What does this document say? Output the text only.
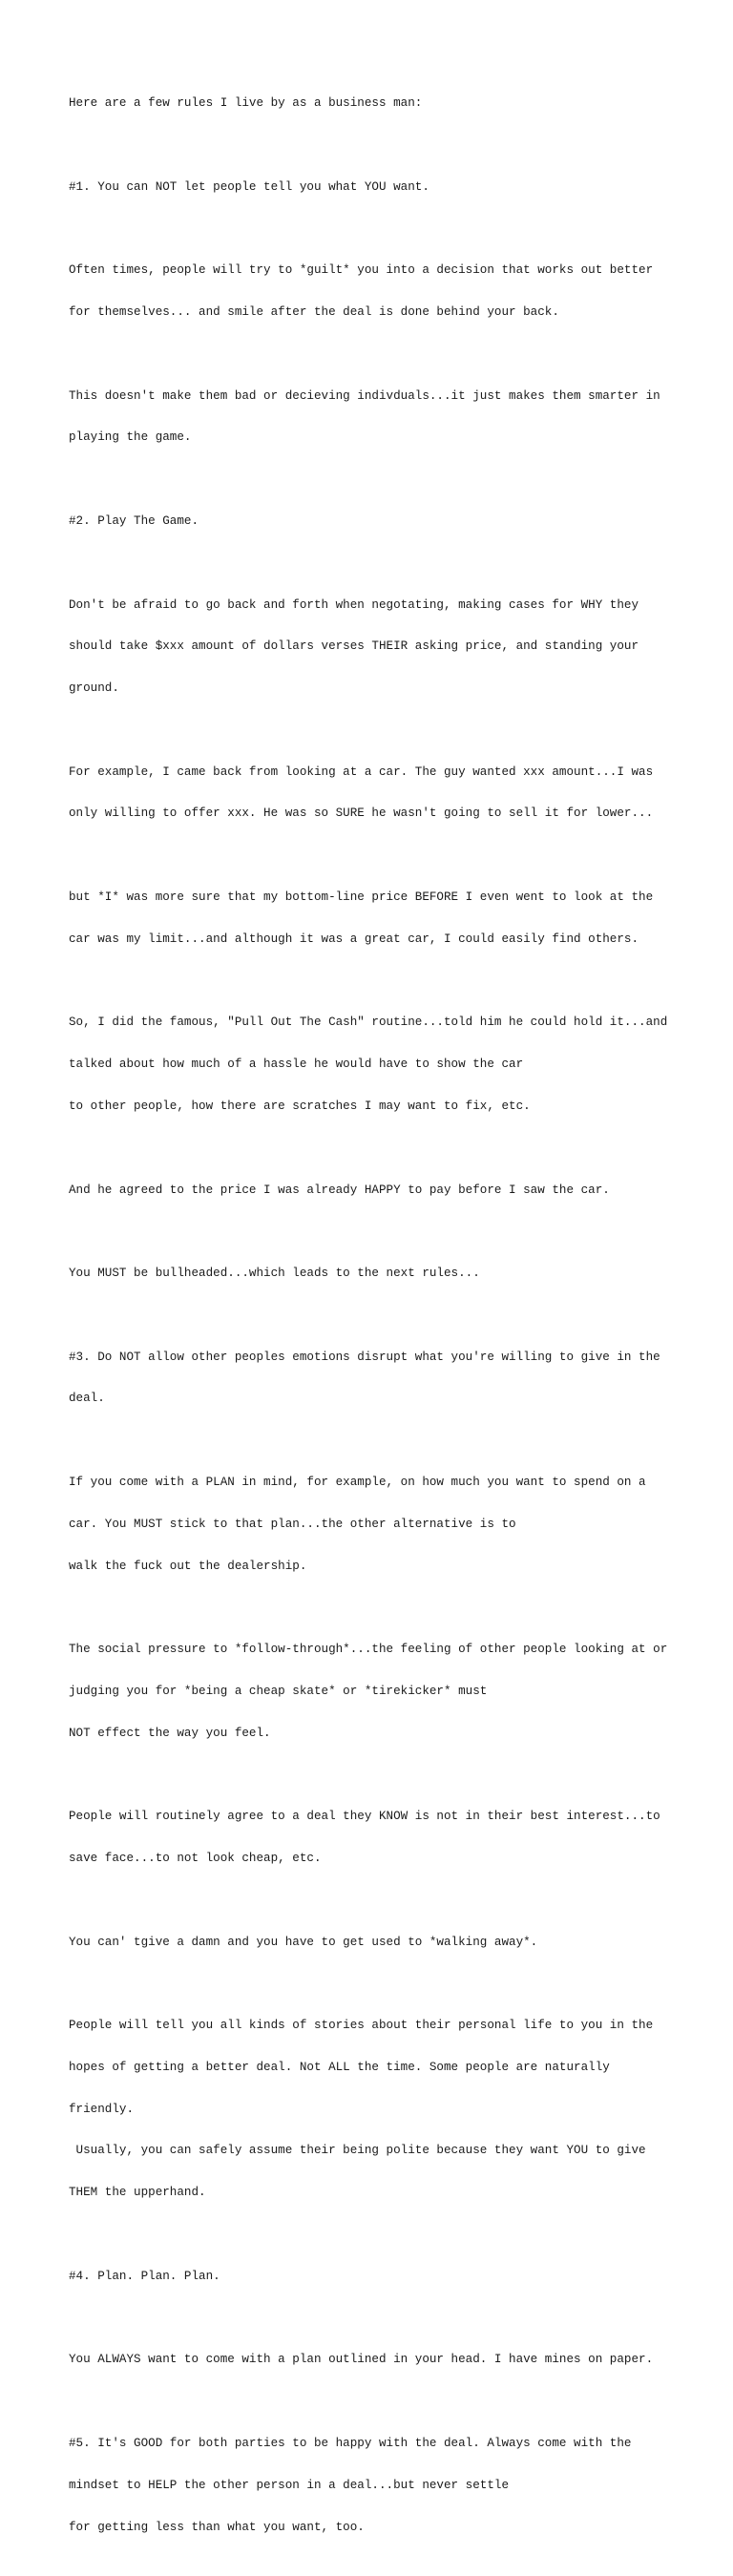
Here are a few rules I live by as a business man:

#1. You can NOT let people tell you what YOU want.

Often times, people will try to *guilt* you into a decision that works out better

for themselves... and smile after the deal is done behind your back.

This doesn't make them bad or decieving indivduals...it just makes them smarter in

playing the game.

#2. Play The Game.

Don't be afraid to go back and forth when negotating, making cases for WHY they

should take $xxx amount of dollars verses THEIR asking price, and standing your

ground.

For example, I came back from looking at a car. The guy wanted xxx amount...I was

only willing to offer xxx. He was so SURE he wasn't going to sell it for lower...

but *I* was more sure that my bottom-line price BEFORE I even went to look at the

car was my limit...and although it was a great car, I could easily find others.

So, I did the famous, "Pull Out The Cash" routine...told him he could hold it...and

talked about how much of a hassle he would have to show the car

to other people, how there are scratches I may want to fix, etc.

And he agreed to the price I was already HAPPY to pay before I saw the car.

You MUST be bullheaded...which leads to the next rules...

#3. Do NOT allow other peoples emotions disrupt what you're willing to give in the

deal.

If you come with a PLAN in mind, for example, on how much you want to spend on a

car. You MUST stick to that plan...the other alternative is to

walk the fuck out the dealership.

The social pressure to *follow-through*...the feeling of other people looking at or

judging you for *being a cheap skate* or *tirekicker* must

NOT effect the way you feel.

People will routinely agree to a deal they KNOW is not in their best interest...to

save face...to not look cheap, etc.

You can' tgive a damn and you have to get used to *walking away*.

People will tell you all kinds of stories about their personal life to you in the

hopes of getting a better deal. Not ALL the time. Some people are naturally

friendly.

Usually, you can safely assume their being polite because they want YOU to give

THEM the upperhand.

#4. Plan. Plan. Plan.

You ALWAYS want to come with a plan outlined in your head. I have mines on paper.

#5. It's GOOD for both parties to be happy with the deal. Always come with the

mindset to HELP the other person in a deal...but never settle

for getting less than what you want, too.
